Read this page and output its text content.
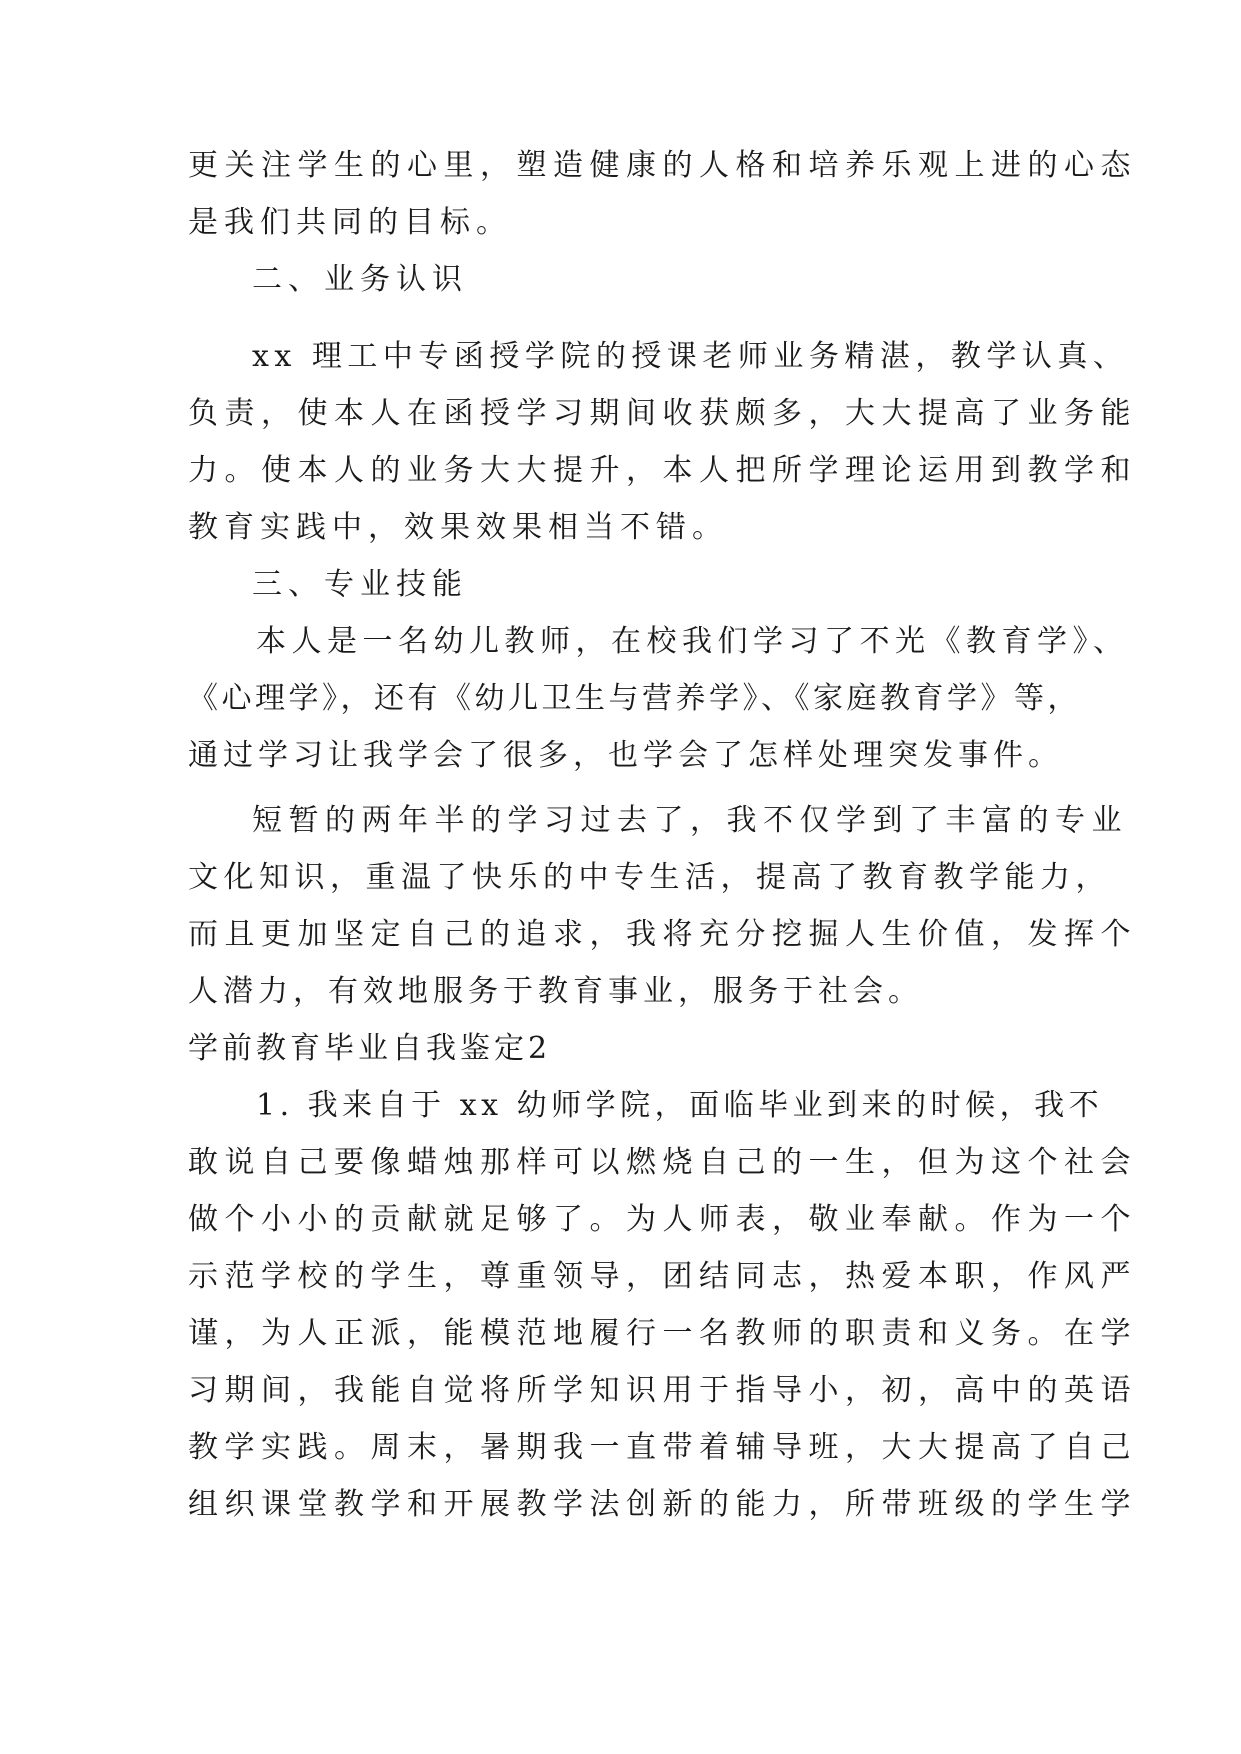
更关注学生的心里，塑造健康的人格和培养乐观上进的心态
是我们共同的目标。
二、业务认识
xx 理工中专函授学院的授课老师业务精湛，教学认真、
负责，使本人在函授学习期间收获颇多，大大提高了业务能
力。使本人的业务大大提升，本人把所学理论运用到教学和
教育实践中，效果效果相当不错。
三、专业技能
本人是一名幼儿教师，在校我们学习了不光《教育学》、
《心理学》，还有《幼儿卫生与营养学》、《家庭教育学》等，
通过学习让我学会了很多，也学会了怎样处理突发事件。
短暂的两年半的学习过去了，我不仅学到了丰富的专业
文化知识，重温了快乐的中专生活，提高了教育教学能力，
而且更加坚定自己的追求，我将充分挖掘人生价值，发挥个
人潜力，有效地服务于教育事业，服务于社会。
学前教育毕业自我鉴定2
1. 我来自于 xx 幼师学院，面临毕业到来的时候，我不
敢说自己要像蜡烛那样可以燃烧自己的一生，但为这个社会
做个小小的贡献就足够了。为人师表，敬业奉献。作为一个
示范学校的学生，尊重领导，团结同志，热爱本职，作风严
谨，为人正派，能模范地履行一名教师的职责和义务。在学
习期间，我能自觉将所学知识用于指导小，初，高中的英语
教学实践。周末，暑期我一直带着辅导班，大大提高了自己
组织课堂教学和开展教学法创新的能力，所带班级的学生学
